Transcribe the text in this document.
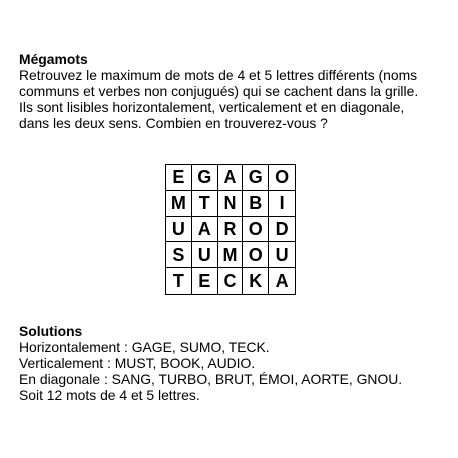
Mégamots
Retrouvez le maximum de mots de 4 et 5 lettres différents (noms
communs et verbes non conjugués) qui se cachent dans la grille.
Ils sont lisibles horizontalement, verticalement et en diagonale,
dans les deux sens. Combien en trouverez-vous ?
E G A G O
M T N B I
U A R O D
S U M O U
T E C K A
Solutions
Horizontalement : GAGE, SUMO, TECK.
Verticalement : MUST, BOOK, AUDIO.
En diagonale : SANG, TURBO, BRUT, ÉMOI, AORTE, GNOU.
Soit 12 mots de 4 et 5 lettres.
